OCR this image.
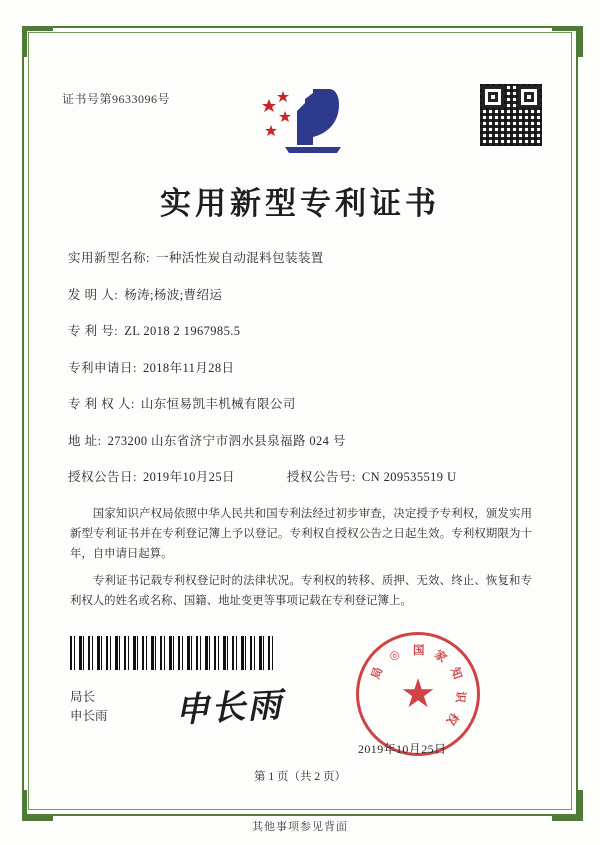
证书号第9633096号
实用新型专利证书
实用新型名称: 一种活性炭自动混料包装装置
发 明 人: 杨涛;杨波;曹绍运
专 利 号: ZL 2018 2 1967985.5
专利申请日: 2018年11月28日
专 利 权 人: 山东恒易凯丰机械有限公司
地 址: 273200 山东省济宁市泗水县泉福路 024 号
授权公告日: 2019年10月25日	授权公告号: CN 209535519 U

国家知识产权局依照中华人民共和国专利法经过初步审查，决定授予专利权，颁发实用新型专利证书并在专利登记簿上予以登记。专利权自授权公告之日起生效。专利权期限为十年，自申请日起算。

专利证书记载专利权登记时的法律状况。专利权的转移、质押、无效、终止、恢复和专利权人的姓名或名称、国籍、地址变更等事项记载在专利登记簿上。

局长
申长雨 申长雨
国 家
知
识
权
局
◎
★
2019年10月25日
第 1 页（共 2 页）
其他事项参见背面
